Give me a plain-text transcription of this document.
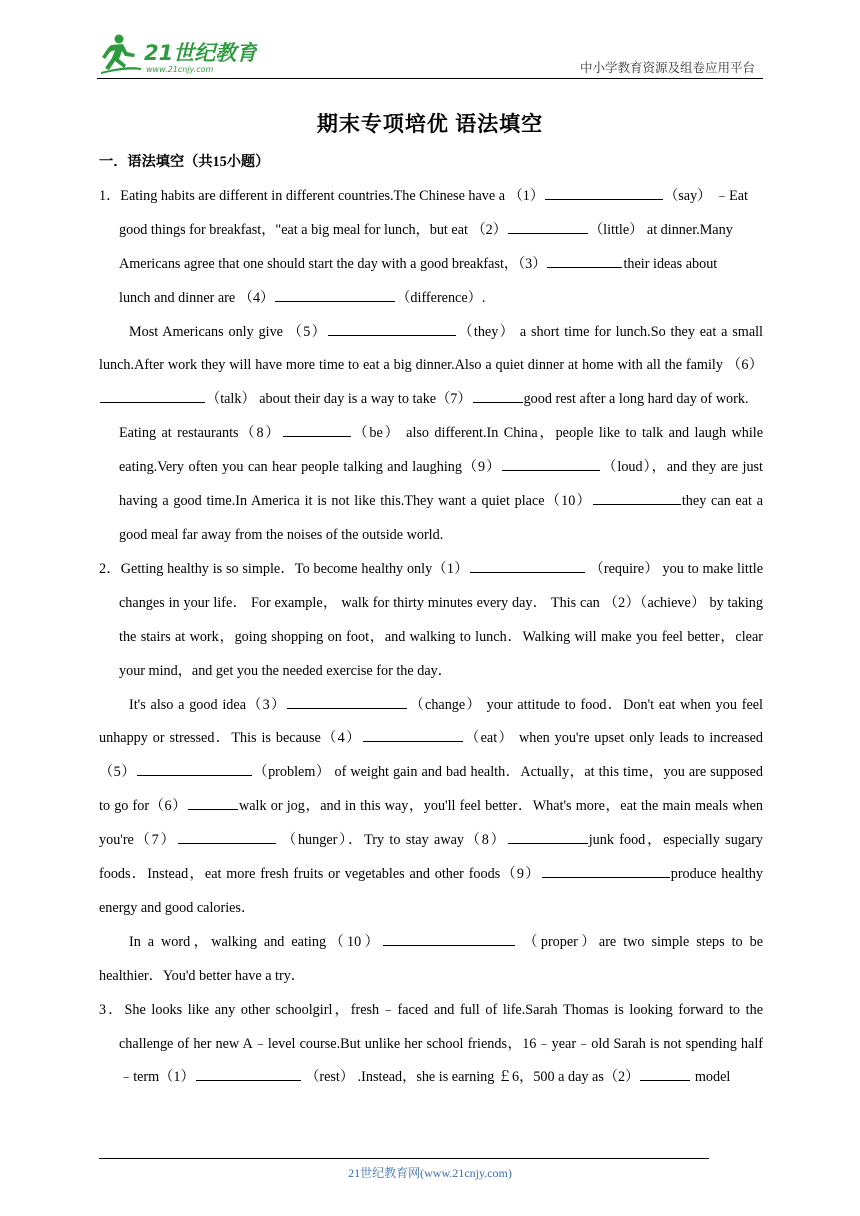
21世纪教育
www.21cnjy.com	中小学教育资源及组卷应用平台
期末专项培优 语法填空

一．语法填空（共15小题）

1．Eating habits are different in different countries.The Chinese have a （1）	（say） ﹣Eat
good things for breakfast，"eat a big meal for lunch，but eat （2）	（little） at dinner.Many
Americans agree that one should start the day with a good breakfast，（3）	their ideas about
lunch and dinner are （4）	（difference）.

Most Americans only give （5）	（they） a short time for lunch.So they eat a small lunch.After work they will have more time to eat a big dinner.Also a quiet dinner at home with all the family （6）（talk） about their day is a way to take（7）	good rest after a long hard day of work.

Eating at restaurants（8）	（be） also different.In China，people like to talk and laugh while eating.Very often you can hear people talking and laughing（9）	（loud），and they are just having a good time.In America it is not like this.They want a quiet place（10）	they can eat a good meal far away from the noises of the outside world.

2．Getting healthy is so simple．To become healthy only（1）	（require） you to make little changes in your life． For example， walk for thirty minutes every day． This can （2）（achieve） by taking the stairs at work，going shopping on foot，and walking to lunch．Walking will make you feel better，clear your mind，and get you the needed exercise for the day．

It's also a good idea（3）	（change） your attitude to food．Don't eat when you feel unhappy or stressed．This is because（4）	（eat） when you're upset only leads to increased （5）	（problem） of weight gain and bad health．Actually，at this time，you are supposed to go for（6）	walk or jog，and in this way，you'll feel better．What's more，eat the main meals when you're（7）	（hunger）．Try to stay away（8）	junk food，especially sugary foods．Instead，eat more fresh fruits or vegetables and other foods（9）	produce healthy energy and good calories．

In a word，walking and eating（10）	（proper）are two simple steps to be healthier．You'd better have a try．

3．She looks like any other schoolgirl，fresh﹣faced and full of life.Sarah Thomas is looking forward to the challenge of her new A﹣level course.But unlike her school friends，16﹣year﹣old Sarah is not spending half﹣term（1）	（rest） .Instead，she is earning ￡6，500 a day as（2）	model

21世纪教育网(www.21cnjy.com)
